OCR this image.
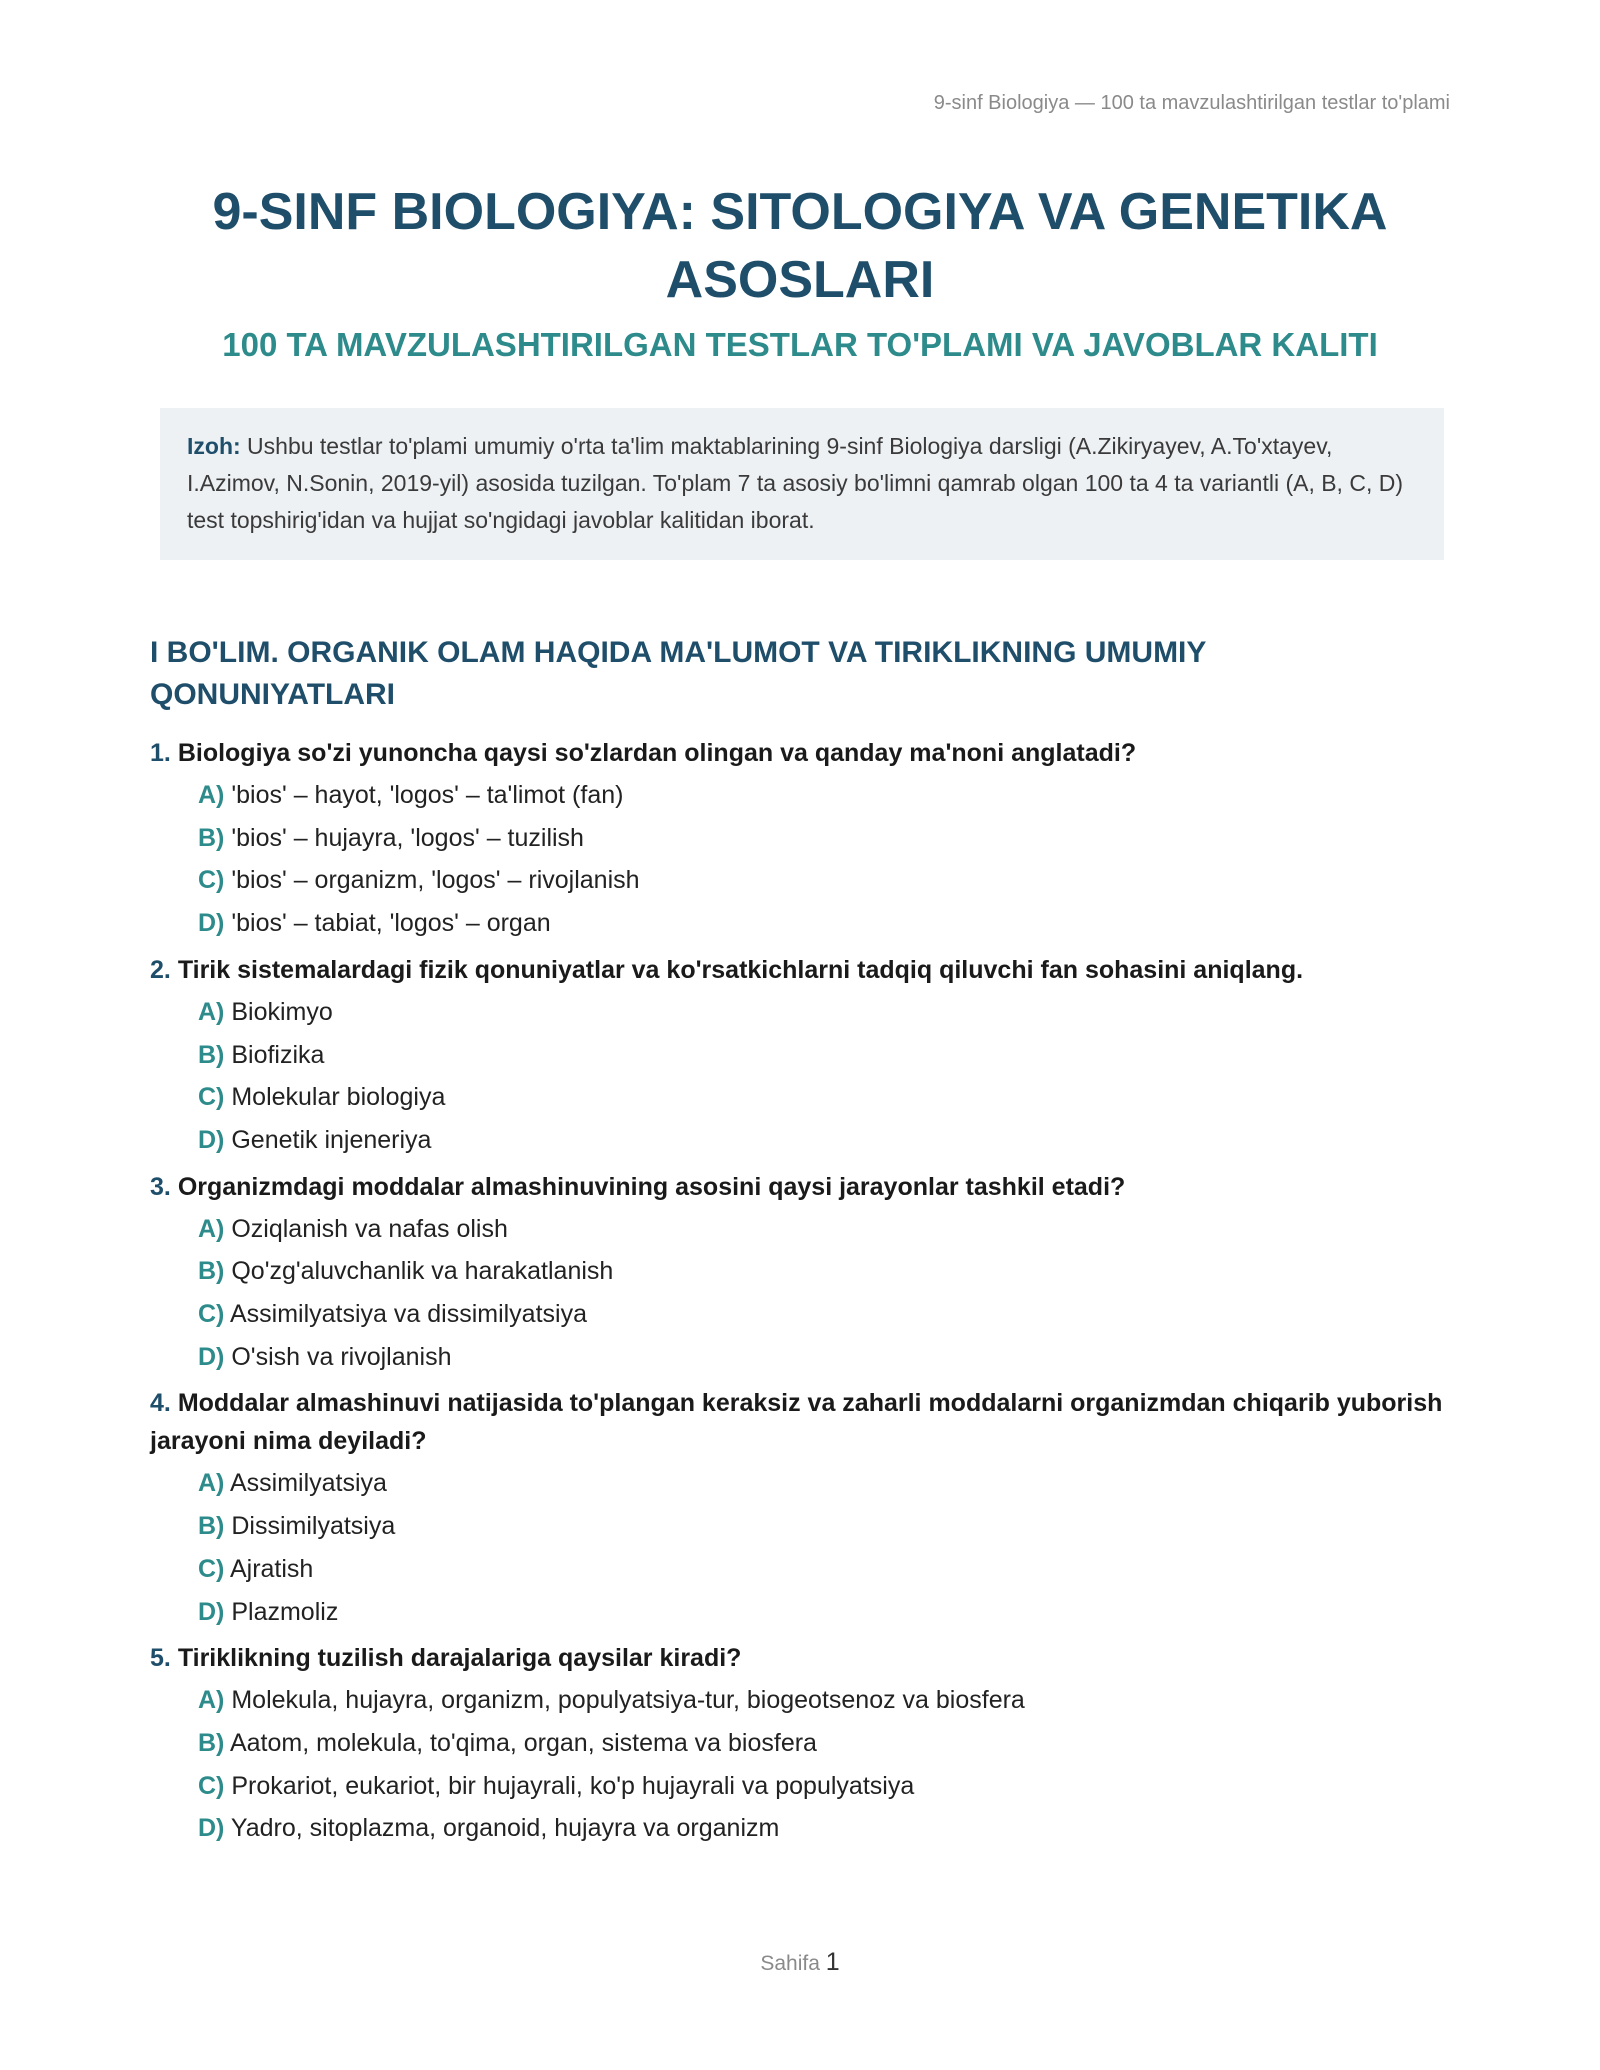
9-sinf Biologiya — 100 ta mavzulashtirilgan testlar to'plami
9-SINF BIOLOGIYA: SITOLOGIYA VA GENETIKA ASOSLARI
100 TA MAVZULASHTIRILGAN TESTLAR TO'PLAMI VA JAVOBLAR KALITI
Izoh: Ushbu testlar to'plami umumiy o'rta ta'lim maktablarining 9-sinf Biologiya darsligi (A.Zikiryayev, A.To'xtayev, I.Azimov, N.Sonin, 2019-yil) asosida tuzilgan. To'plam 7 ta asosiy bo'limni qamrab olgan 100 ta 4 ta variantli (A, B, C, D) test topshirig'idan va hujjat so'ngidagi javoblar kalitidan iborat.
I BO'LIM. ORGANIK OLAM HAQIDA MA'LUMOT VA TIRIKLIKNING UMUMIY QONUNIYATLARI
1. Biologiya so'zi yunoncha qaysi so'zlardan olingan va qanday ma'noni anglatadi?
A) 'bios' – hayot, 'logos' – ta'limot (fan)
B) 'bios' – hujayra, 'logos' – tuzilish
C) 'bios' – organizm, 'logos' – rivojlanish
D) 'bios' – tabiat, 'logos' – organ
2. Tirik sistemalardagi fizik qonuniyatlar va ko'rsatkichlarni tadqiq qiluvchi fan sohasini aniqlang.
A) Biokimyo
B) Biofizika
C) Molekular biologiya
D) Genetik injeneriya
3. Organizmdagi moddalar almashinuvining asosini qaysi jarayonlar tashkil etadi?
A) Oziqlanish va nafas olish
B) Qo'zg'aluvchanlik va harakatlanish
C) Assimilyatsiya va dissimilyatsiya
D) O'sish va rivojlanish
4. Moddalar almashinuvi natijasida to'plangan keraksiz va zaharli moddalarni organizmdan chiqarib yuborish jarayoni nima deyiladi?
A) Assimilyatsiya
B) Dissimilyatsiya
C) Ajratish
D) Plazmoliz
5. Tiriklikning tuzilish darajalariga qaysilar kiradi?
A) Molekula, hujayra, organizm, populyatsiya-tur, biogeotsenoz va biosfera
B) Aatom, molekula, to'qima, organ, sistema va biosfera
C) Prokariot, eukariot, bir hujayrali, ko'p hujayrali va populyatsiya
D) Yadro, sitoplazma, organoid, hujayra va organizm
Sahifa 1
